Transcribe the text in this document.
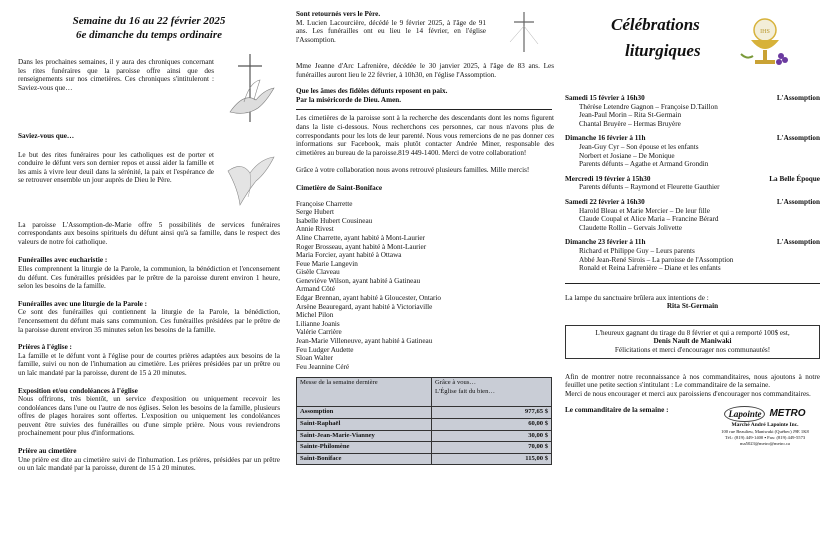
Semaine du 16 au 22 février 2025

6e dimanche du temps ordinaire

Dans les prochaines semaines, il y aura des chroniques concernant les rites funéraires que la paroisse offre ainsi que des renseignements sur nos cimetières. Ces chroniques s'intituleront : Saviez-vous que…

Saviez-vous que…

Le but des rites funéraires pour les catholiques est de porter et conduire le défunt vers son dernier repos et aussi aider la famille et les amis à vivre leur deuil dans la sérénité, la paix et l'espérance de se retrouver ensemble un jour auprès de Dieu le Père.

La paroisse L'Assomption-de-Marie offre 5 possibilités de services funéraires correspondants aux besoins spirituels du défunt ainsi qu'à sa famille, dans le respect des valeurs de notre foi catholique.

Funérailles avec eucharistie :

Elles comprennent la liturgie de la Parole, la communion, la bénédiction et l'encensement du défunt. Ces funérailles présidées par le prêtre de la paroisse durent environ 1 heure, selon les besoins de la famille.

Funérailles avec une liturgie de la Parole :

Ce sont des funérailles qui contiennent la liturgie de la Parole, la bénédiction, l'encensement du défunt mais sans communion. Ces funérailles présidées par le prêtre de la paroisse durent environ 35 minutes selon les besoins de la famille.

Prières à l'église :

La famille et le défunt vont à l'église pour de courtes prières adaptées aux besoins de la famille, suivi ou non de l'inhumation au cimetière. Les prières présidées par un prêtre ou un laïc mandaté par la paroisse, durent de 15 à 20 minutes.

Exposition et/ou condoléances à l'église

Nous offrirons, très bientôt, un service d'exposition ou uniquement recevoir les condoléances dans l'une ou l'autre de nos églises. Selon les besoins de la famille, plusieurs offres de plages horaires sont offertes. L'exposition ou uniquement les condoléances peuvent être suivies des funérailles ou d'une simple prière. Nous vous reviendrons prochainement pour plus d'informations.

Prière au cimetière

Une prière est dite au cimetière suivi de l'inhumation. Les prières, présidées par un prêtre ou un laïc mandaté par la paroisse, durent de 15 à 20 minutes.

Sont retournés vers le Père.

M. Lucien Lacourcière, décédé le 9 février 2025, à l'âge de 91 ans. Les funérailles ont eu lieu le 14 février, en l'église l'Assomption.

Mme Jeanne d'Arc Lafrenière, décédée le 30 janvier 2025, à l'âge de 83 ans. Les funérailles auront lieu le 22 février, à 10h30, en l'église l'Assomption.

Que les âmes des fidèles défunts reposent en paix.

Par la miséricorde de Dieu. Amen.

Les cimetières de la paroisse sont à la recherche des descendants dont les noms figurent dans la liste ci-dessous. Nous recherchons ces personnes, car nous n'avons plus de correspondants pour les lots de leur parenté. Nous vous remercions de ne pas donner ces informations sur Facebook, mais plutôt contacter Andrée Miner, responsable des cimetières au bureau de la paroisse.819 449-1400. Merci de votre collaboration!

Grâce à votre collaboration nous avons retrouvé plusieurs familles. Mille mercis!

Cimetière de Saint-Boniface

Françoise Charrette

Serge Hubert

Isabelle Hubert Cousineau

Annie Rivest

Aline Charrette, ayant habité à Mont-Laurier

Roger Brosseau, ayant habité à Mont-Laurier

Maria Forcier, ayant habité à Ottawa

Feue Marie Langevin

Gisèle Claveau

Geneviève Wilson, ayant habité à Gatineau

Armand Côté

Edgar Brennan, ayant habité à Gloucester, Ontario

Arsène Beauregard, ayant habité à Victoriaville

Michel Pilon

Lilianne Joanis

Valérie Carrière

Jean-Marie Villeneuve, ayant habité à Gatineau

Feu Ludger Audette

Sloan Walter

Feu Jeannine Céré

Messe de la semaine dernière	Grâce à vous…
L'Église fait du bien…
Assomption	977,65 $
Saint-Raphaël	60,00 $
Saint-Jean-Marie-Vianney	30,00 $
Sainte-Philomène	70,00 $
Saint-Boniface	115,00 $
Célébrations
liturgiques
IHS
Samedi 15 février à 16h30	L'Assomption

Thérèse Letendre Gagnon – Françoise D.Taillon

Jean-Paul Morin – Rita St-Germain

Chantal Bruyère – Hermas Bruyère

Dimanche 16 février à 11h	L'Assomption

Jean-Guy Cyr – Son épouse et les enfants

Norbert et Josiane – De Monique

Parents défunts – Agathe et Armand Grondin

Mercredi 19 février à 15h30	La Belle Époque

Parents défunts – Raymond et Fleurette Gauthier

Samedi 22 février à 16h30	L'Assomption

Harold Bleau et Marie Mercier – De leur fille

Claude Coupal et Alice Maria – Francine Bérard

Claudette Rollin – Gervais Jolivette

Dimanche 23 février à 11h	L'Assomption

Richard et Philippe Guy – Leurs parents

Abbé Jean-René Sirois – La paroisse de l'Assomption

Ronald et Reina Lafrenière – Diane et les enfants

La lampe du sanctuaire brûlera aux intentions de :

Rita St-Germain

L'heureux gagnant du tirage du 8 février et qui a remporté 100$ est,

Denis Nault de Maniwaki

Félicitations et merci d'encourager nos communautés!

Afin de montrer notre reconnaissance à nos commanditaires, nous ajoutons à notre feuillet une petite section s'intitulant : Le commanditaire de la semaine.

Merci de nous encourager et merci aux paroissiens d'encourager nos commanditaires.

Le commanditaire de la semaine :	Lapointe METRO

Marché André Lapointe Inc.

100 rue Beaulieu, Maniwaki (Québec) J9E 1K8

Tél.: (819) 449-1400 ▪ Fax: (819) 449-5573

ma5023@metro@metro.ca
